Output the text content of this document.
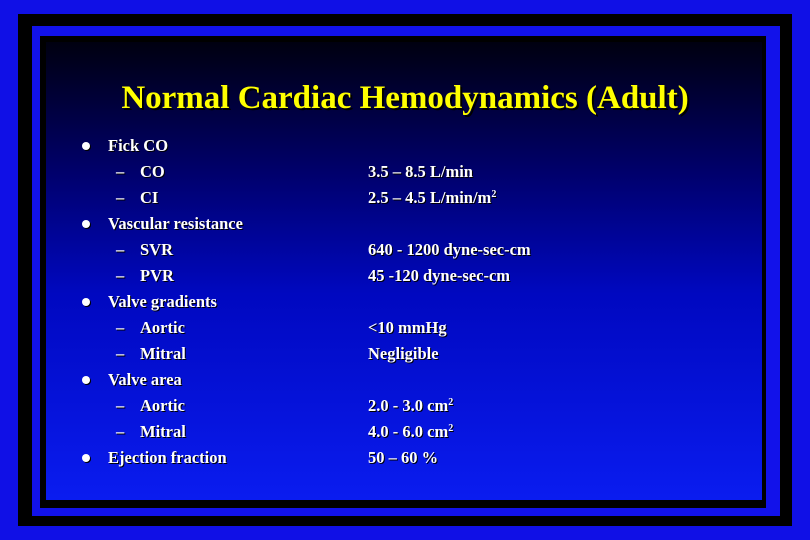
Normal Cardiac Hemodynamics (Adult)
Fick CO
– CO	3.5 – 8.5 L/min
– CI	2.5 – 4.5 $L/\min/m^2$
Vascular resistance
– SVR	640 - 1200 dyne-sec-cm
– PVR	45 -120 dyne-sec-cm
Valve gradients
– Aortic	<10 mmHg
– Mitral	Negligible
Valve area
– Aortic	2.0 - 3.0 $cm^2$
– Mitral	4.0 - 6.0 $cm^2$
Ejection fraction	50 – 60 %
